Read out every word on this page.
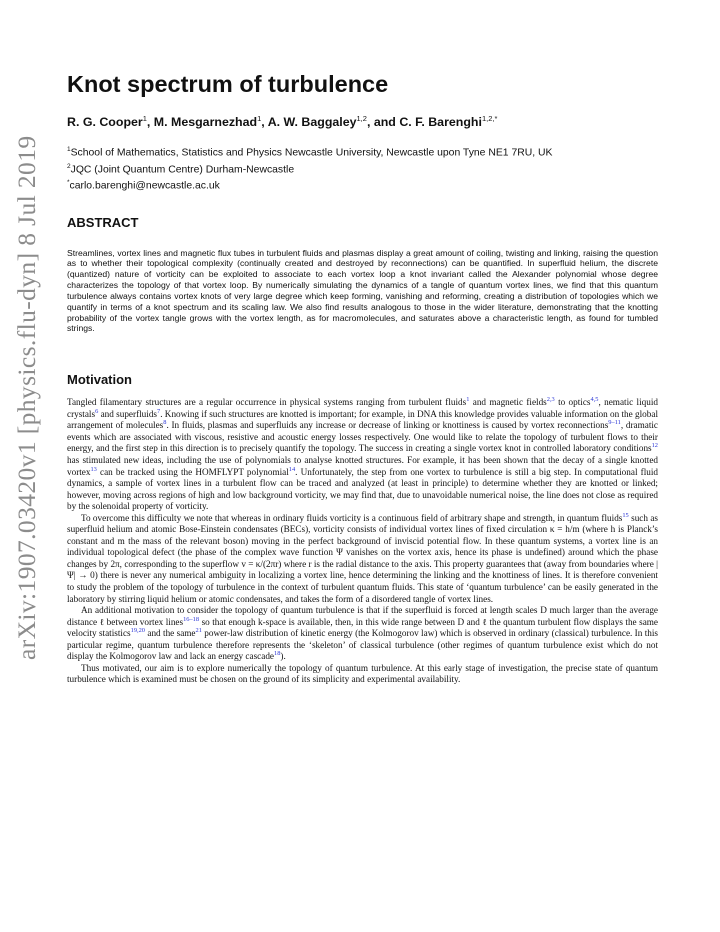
arXiv:1907.03420v1 [physics.flu-dyn] 8 Jul 2019
Knot spectrum of turbulence
R. G. Cooper$^1$, M. Mesgarnezhad$^1$, A. W. Baggaley$^{1,2}$, and C. F. Barenghi$^{1,2,*}$
$^1$School of Mathematics, Statistics and Physics Newcastle University, Newcastle upon Tyne NE1 7RU, UK
$^2$JQC (Joint Quantum Centre) Durham-Newcastle
*carlo.barenghi@newcastle.ac.uk
ABSTRACT
Streamlines, vortex lines and magnetic flux tubes in turbulent fluids and plasmas display a great amount of coiling, twisting and linking, raising the question as to whether their topological complexity (continually created and destroyed by reconnections) can be quantified. In superfluid helium, the discrete (quantized) nature of vorticity can be exploited to associate to each vortex loop a knot invariant called the Alexander polynomial whose degree characterizes the topology of that vortex loop. By numerically simulating the dynamics of a tangle of quantum vortex lines, we find that this quantum turbulence always contains vortex knots of very large degree which keep forming, vanishing and reforming, creating a distribution of topologies which we quantify in terms of a knot spectrum and its scaling law. We also find results analogous to those in the wider literature, demonstrating that the knotting probability of the vortex tangle grows with the vortex length, as for macromolecules, and saturates above a characteristic length, as found for tumbled strings.
Motivation

Tangled filamentary structures are a regular occurrence in physical systems ranging from turbulent fluids$^1$ and magnetic fields$^{2,3}$ to optics$^{4,5}$, nematic liquid crystals$^6$ and superfluids$^7$. Knowing if such structures are knotted is important; for example, in DNA this knowledge provides valuable information on the global arrangement of molecules$^8$. In fluids, plasmas and superfluids any increase or decrease of linking or knottiness is caused by vortex reconnections$^{9-11}$, dramatic events which are associated with viscous, resistive and acoustic energy losses respectively. One would like to relate the topology of turbulent flows to their energy, and the first step in this direction is to precisely quantify the topology. The success in creating a single vortex knot in controlled laboratory conditions$^{12}$ has stimulated new ideas, including the use of polynomials to analyse knotted structures. For example, it has been shown that the decay of a single knotted vortex$^{13}$ can be tracked using the HOMFLYPT polynomial$^{14}$. Unfortunately, the step from one vortex to turbulence is still a big step. In computational fluid dynamics, a sample of vortex lines in a turbulent flow can be traced and analyzed (at least in principle) to determine whether they are knotted or linked; however, moving across regions of high and low background vorticity, we may find that, due to unavoidable numerical noise, the line does not close as required by the solenoidal property of vorticity.

To overcome this difficulty we note that whereas in ordinary fluids vorticity is a continuous field of arbitrary shape and strength, in quantum fluids$^{15}$ such as superfluid helium and atomic Bose-Einstein condensates (BECs), vorticity consists of individual vortex lines of fixed circulation κ = h/m (where h is Planck’s constant and m the mass of the relevant boson) moving in the perfect background of inviscid potential flow. In these quantum systems, a vortex line is an individual topological defect (the phase of the complex wave function Ψ vanishes on the vortex axis, hence its phase is undefined) around which the phase changes by 2π, corresponding to the superflow v = κ/(2πr) where r is the radial distance to the axis. This property guarantees that (away from boundaries where |Ψ| → 0) there is never any numerical ambiguity in localizing a vortex line, hence determining the linking and the knottiness of lines. It is therefore convenient to study the problem of the topology of turbulence in the context of turbulent quantum fluids. This state of ‘quantum turbulence’ can be easily generated in the laboratory by stirring liquid helium or atomic condensates, and takes the form of a disordered tangle of vortex lines.

An additional motivation to consider the topology of quantum turbulence is that if the superfluid is forced at length scales D much larger than the average distance ℓ between vortex lines$^{16-18}$ so that enough k-space is available, then, in this wide range between D and ℓ the quantum turbulent flow displays the same velocity statistics$^{19,20}$ and the same$^{21}$ power-law distribution of kinetic energy (the Kolmogorov law) which is observed in ordinary (classical) turbulence. In this particular regime, quantum turbulence therefore represents the ‘skeleton’ of classical turbulence (other regimes of quantum turbulence exist which do not display the Kolmogorov law and lack an energy cascade$^{18}$).

Thus motivated, our aim is to explore numerically the topology of quantum turbulence. At this early stage of investigation, the precise state of quantum turbulence which is examined must be chosen on the ground of its simplicity and experimental availability.
